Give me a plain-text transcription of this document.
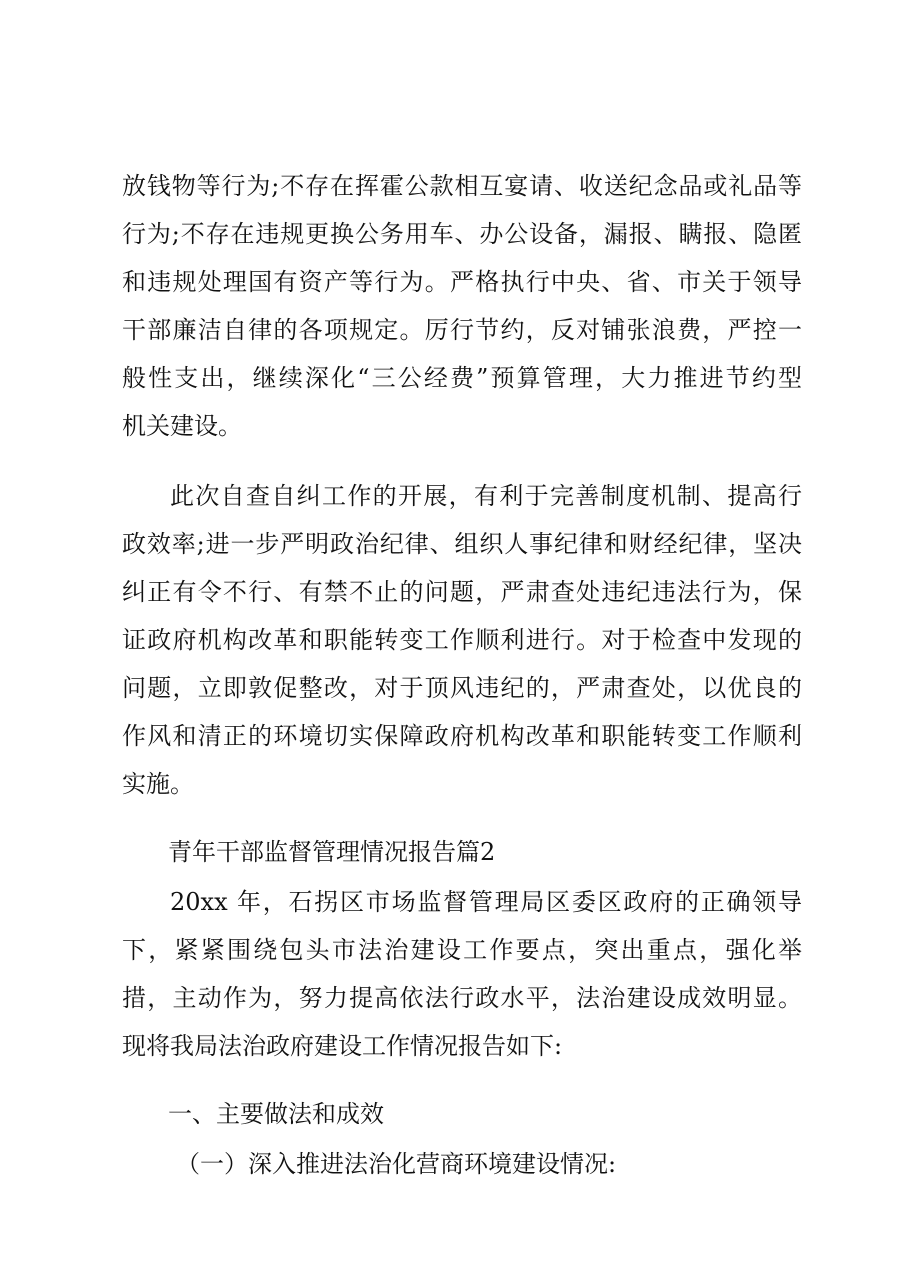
放钱物等行为;不存在挥霍公款相互宴请、收送纪念品或礼品等
行为;不存在违规更换公务用车、办公设备，漏报、瞒报、隐匿
和违规处理国有资产等行为。严格执行中央、省、市关于领导
干部廉洁自律的各项规定。厉行节约，反对铺张浪费，严控一
般性支出，继续深化“三公经费”预算管理，大力推进节约型
机关建设。
此次自查自纠工作的开展，有利于完善制度机制、提高行
政效率;进一步严明政治纪律、组织人事纪律和财经纪律，坚决
纠正有令不行、有禁不止的问题，严肃查处违纪违法行为，保
证政府机构改革和职能转变工作顺利进行。对于检查中发现的
问题，立即敦促整改，对于顶风违纪的，严肃查处，以优良的
作风和清正的环境切实保障政府机构改革和职能转变工作顺利
实施。
青年干部监督管理情况报告篇2
20xx 年，石拐区市场监督管理局区委区政府的正确领导
下，紧紧围绕包头市法治建设工作要点，突出重点，强化举
措，主动作为，努力提高依法行政水平，法治建设成效明显。
现将我局法治政府建设工作情况报告如下:
一、主要做法和成效
（一）深入推进法治化营商环境建设情况:
